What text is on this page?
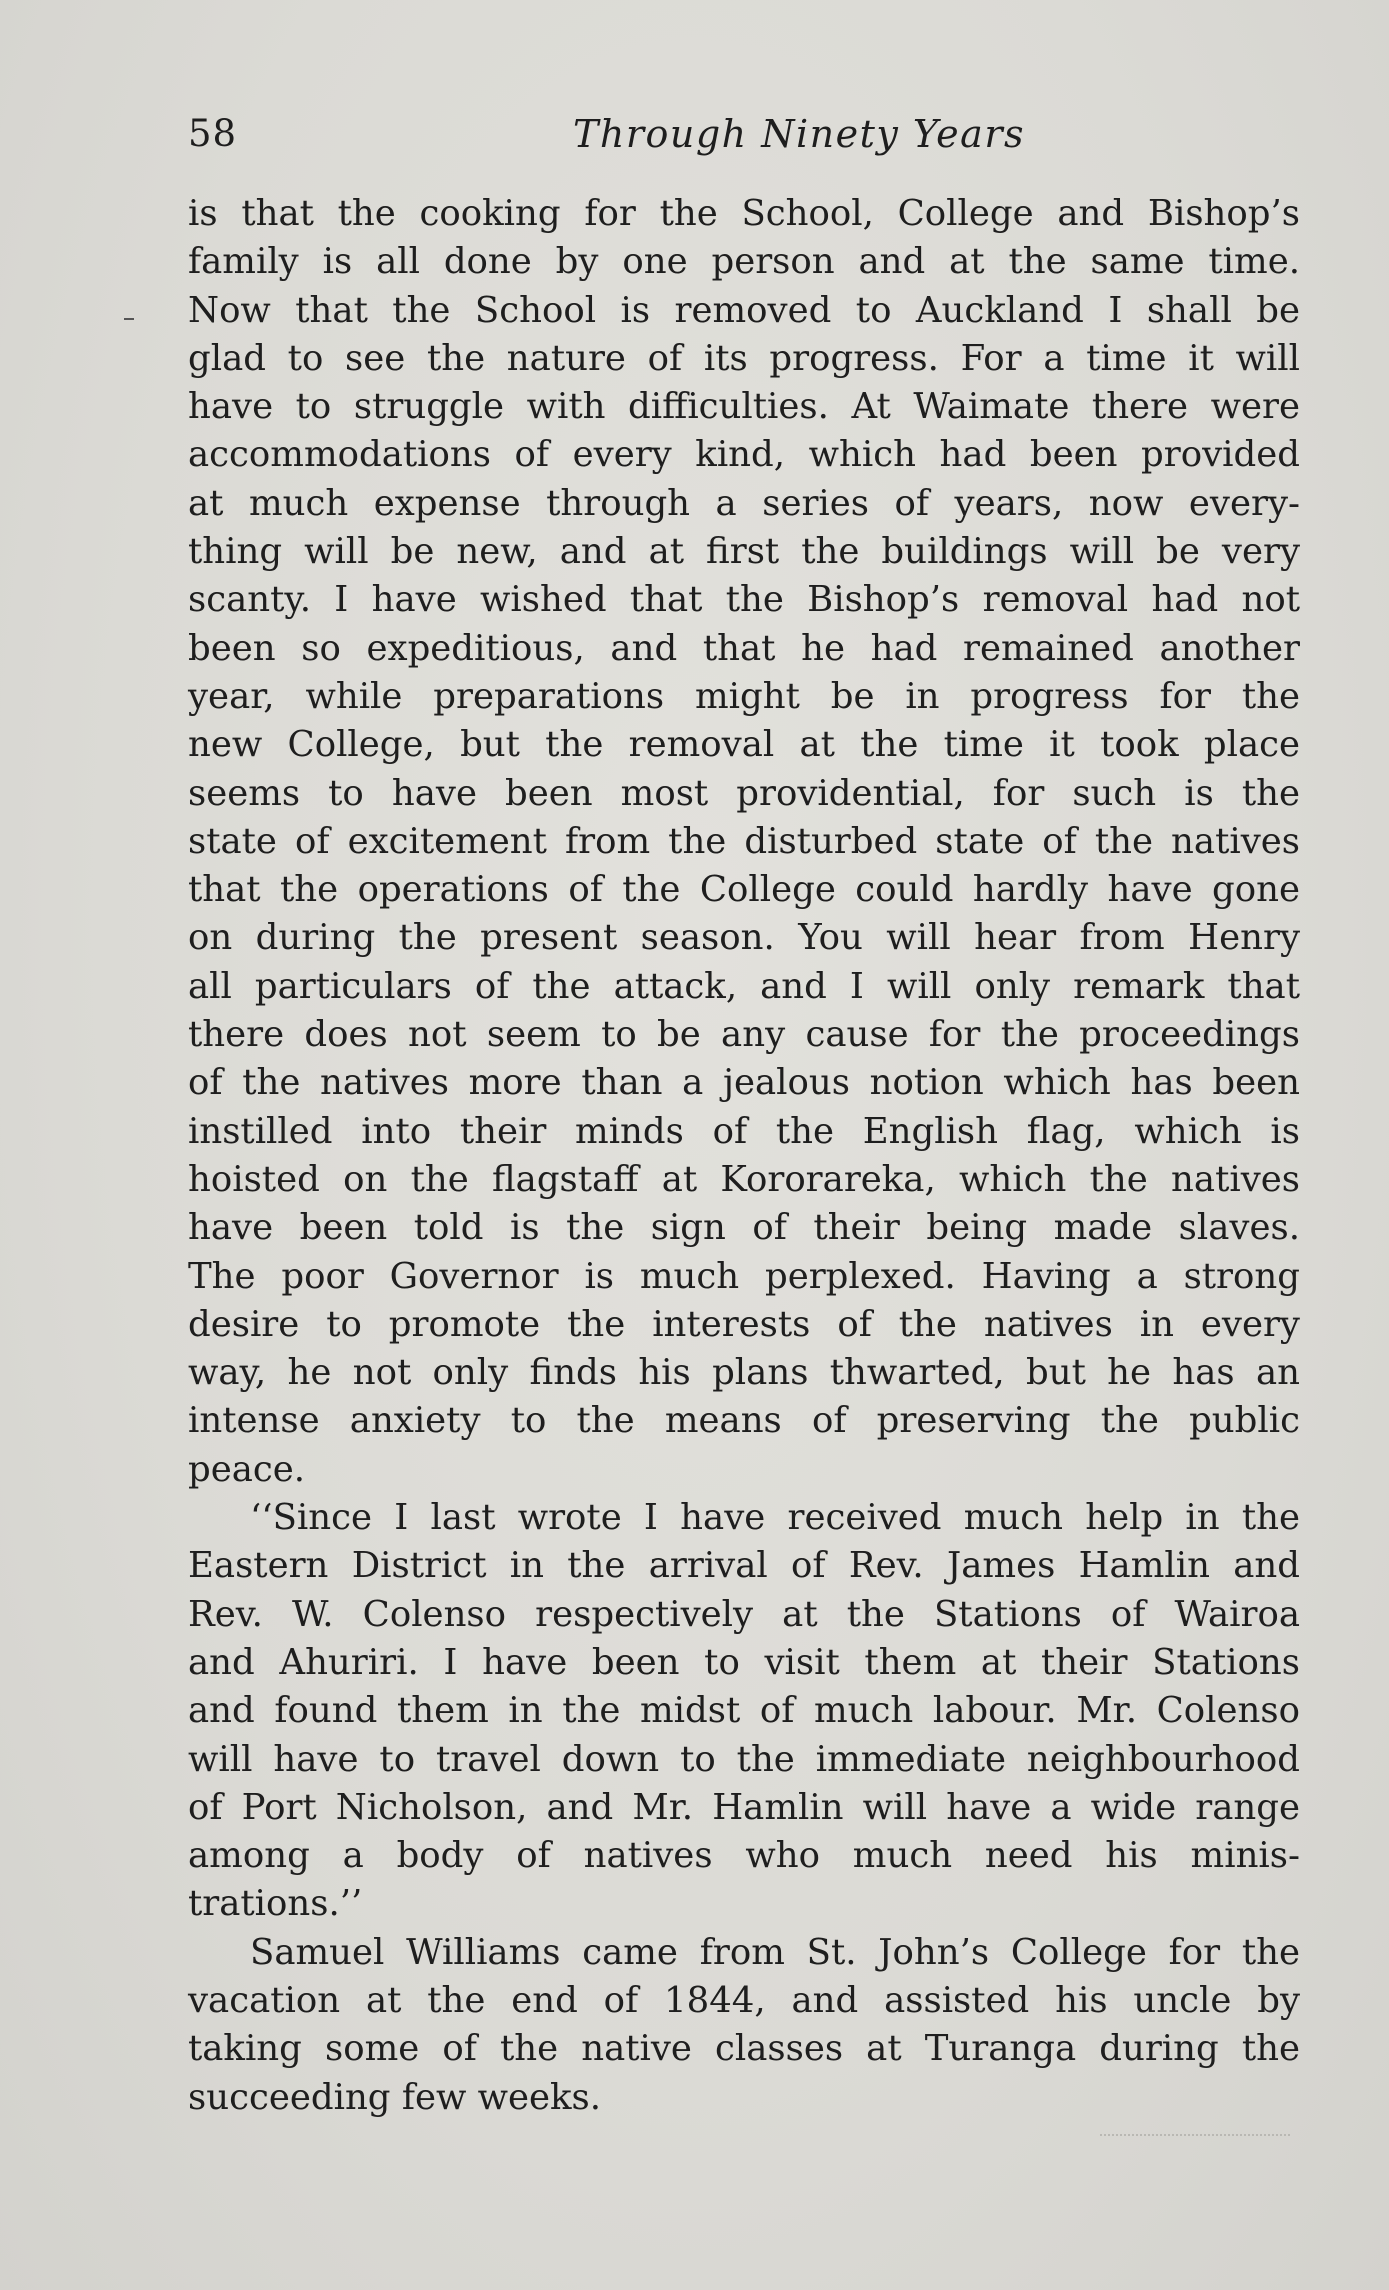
58	Through Ninety Years
is that the cooking for the School, College and Bishop’s
family is all done by one person and at the same time.
Now that the School is removed to Auckland I shall be
glad to see the nature of its progress. For a time it will
have to struggle with difficulties. At Waimate there were
accommodations of every kind, which had been provided
at much expense through a series of years, now every-
thing will be new, and at first the buildings will be very
scanty. I have wished that the Bishop’s removal had not
been so expeditious, and that he had remained another
year, while preparations might be in progress for the
new College, but the removal at the time it took place
seems to have been most providential, for such is the
state of excitement from the disturbed state of the natives
that the operations of the College could hardly have gone
on during the present season. You will hear from Henry
all particulars of the attack, and I will only remark that
there does not seem to be any cause for the proceedings
of the natives more than a jealous notion which has been
instilled into their minds of the English flag, which is
hoisted on the flagstaff at Kororareka, which the natives
have been told is the sign of their being made slaves.
The poor Governor is much perplexed. Having a strong
desire to promote the interests of the natives in every
way, he not only finds his plans thwarted, but he has an
intense anxiety to the means of preserving the public
peace.
‘‘Since I last wrote I have received much help in the
Eastern District in the arrival of Rev. James Hamlin and
Rev. W. Colenso respectively at the Stations of Wairoa
and Ahuriri. I have been to visit them at their Stations
and found them in the midst of much labour. Mr. Colenso
will have to travel down to the immediate neighbourhood
of Port Nicholson, and Mr. Hamlin will have a wide range
among a body of natives who much need his minis-
trations.’’
Samuel Williams came from St. John’s College for the
vacation at the end of 1844, and assisted his uncle by
taking some of the native classes at Turanga during the
succeeding few weeks.
